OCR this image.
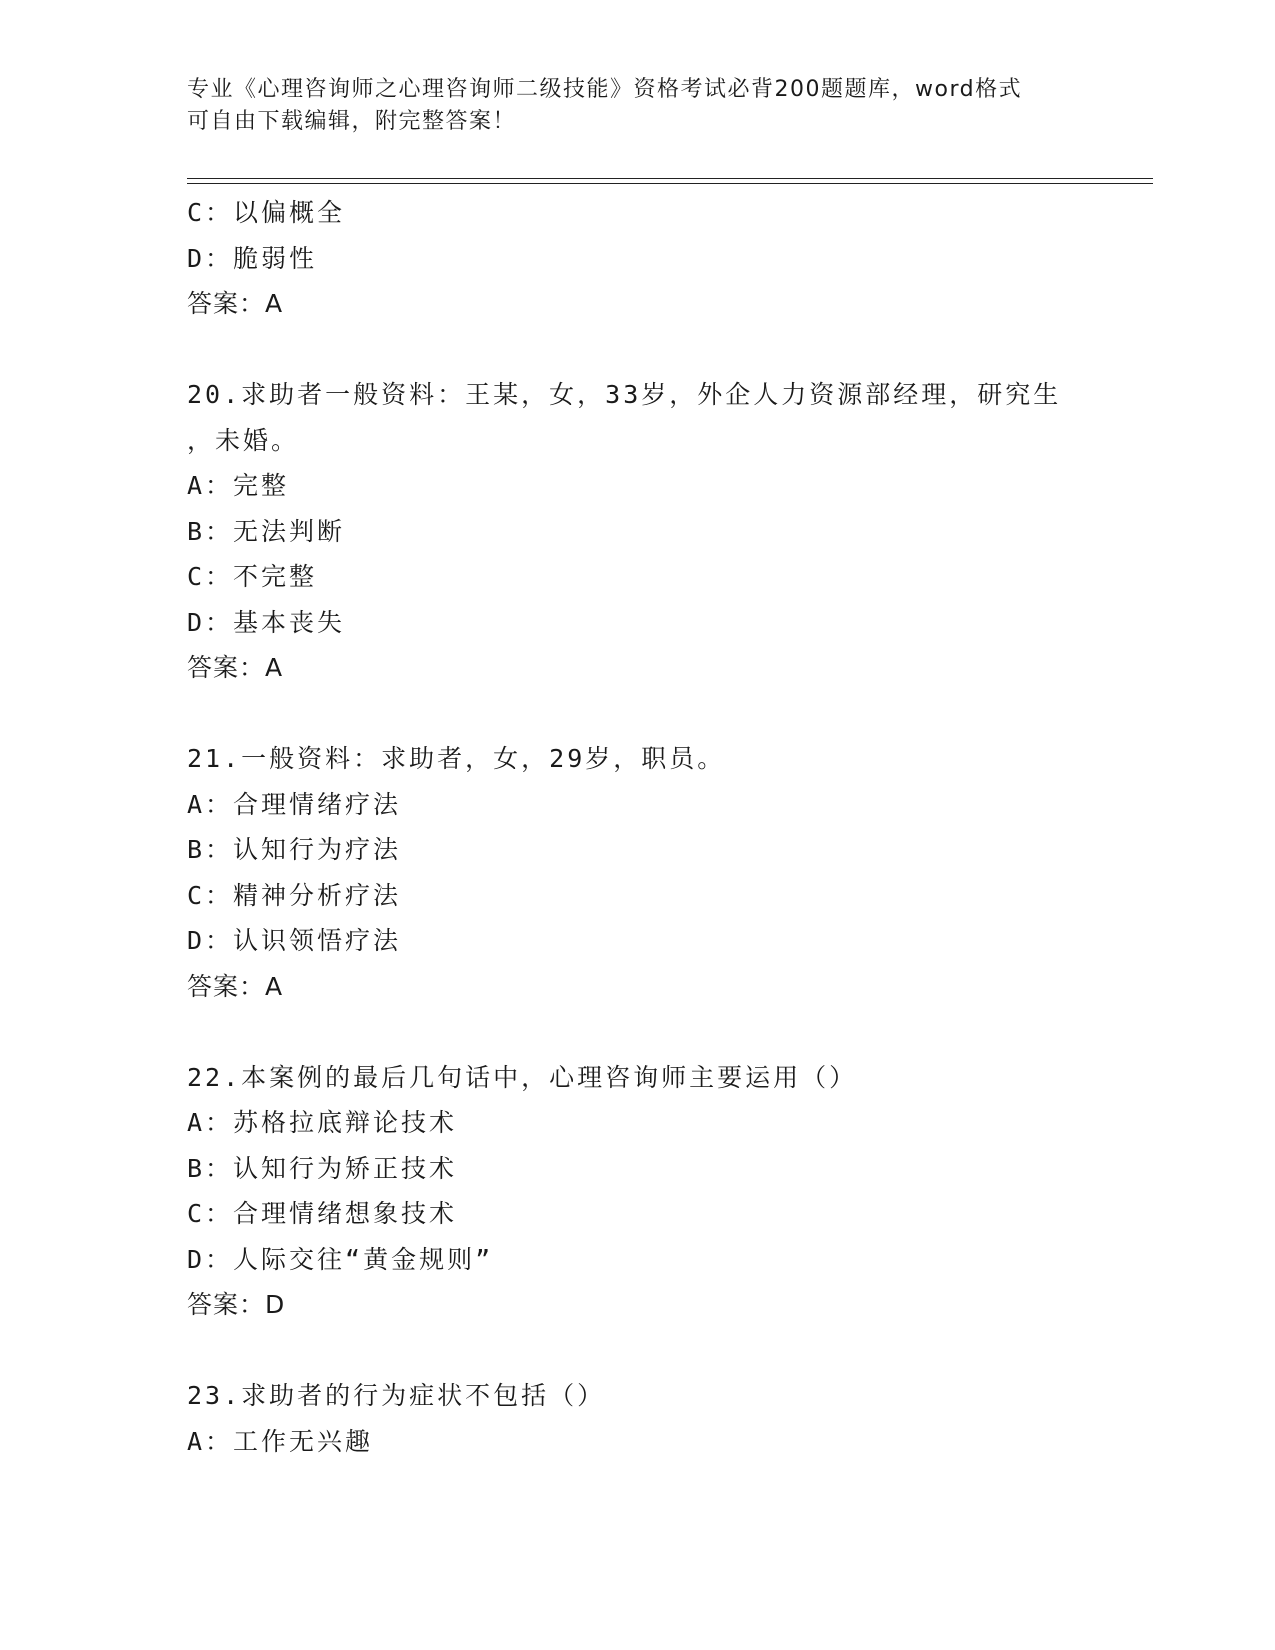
专业《心理咨询师之心理咨询师二级技能》资格考试必背200题题库，word格式
可自由下载编辑，附完整答案！
C：以偏概全
D：脆弱性
答案：A
20.求助者一般资料：王某，女，33岁，外企人力资源部经理，研究生
，未婚。
A：完整
B：无法判断
C：不完整
D：基本丧失
答案：A
21.一般资料：求助者，女，29岁，职员。
A：合理情绪疗法
B：认知行为疗法
C：精神分析疗法
D：认识领悟疗法
答案：A
22.本案例的最后几句话中，心理咨询师主要运用（）
A：苏格拉底辩论技术
B：认知行为矫正技术
C：合理情绪想象技术
D：人际交往“黄金规则”
答案：D
23.求助者的行为症状不包括（）
A：工作无兴趣
